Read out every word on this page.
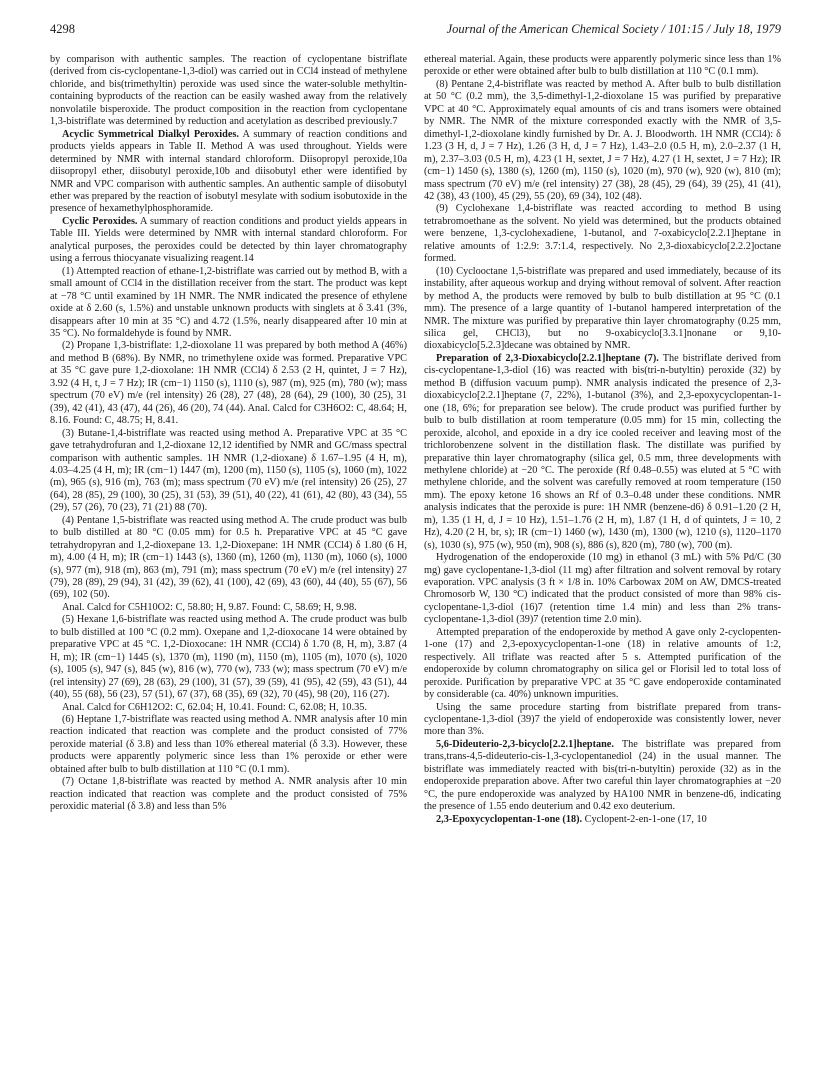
4298	Journal of the American Chemical Society / 101:15 / July 18, 1979

by comparison with authentic samples. The reaction of cyclopentane bistriflate (derived from cis-cyclopentane-1,3-diol) was carried out in CCl4 instead of methylene chloride, and bis(trimethyltin) peroxide was used since the water-soluble methyltin-containing byproducts of the reaction can be easily washed away from the relatively nonvolatile bisperoxide. The product composition in the reaction from cyclopentane 1,3-bistriflate was determined by reduction and acetylation as described previously.7

Acyclic Symmetrical Dialkyl Peroxides. A summary of reaction conditions and products yields appears in Table II. Method A was used throughout. Yields were determined by NMR with internal standard chloroform. Diisopropyl peroxide,10a diisopropyl ether, diisobutyl peroxide,10b and diisobutyl ether were identified by NMR and VPC comparison with authentic samples. An authentic sample of diisobutyl ether was prepared by the reaction of isobutyl mesylate with sodium isobutoxide in the presence of hexamethylphosphoramide.

Cyclic Peroxides. A summary of reaction conditions and product yields appears in Table III. Yields were determined by NMR with internal standard chloroform. For analytical purposes, the peroxides could be detected by thin layer chromatography using a ferrous thiocyanate visualizing reagent.14

(1) Attempted reaction of ethane-1,2-bistriflate was carried out by method B, with a small amount of CCl4 in the distillation receiver from the start. The product was kept at −78 °C until examined by 1H NMR. The NMR indicated the presence of ethylene oxide at δ 2.60 (s, 1.5%) and unstable unknown products with singlets at δ 3.41 (3%, disappears after 10 min at 35 °C) and 4.72 (1.5%, nearly disappeared after 10 min at 35 °C). No formaldehyde is found by NMR.

(2) Propane 1,3-bistriflate: 1,2-dioxolane 11 was prepared by both method A (46%) and method B (68%). By NMR, no trimethylene oxide was formed. Preparative VPC at 35 °C gave pure 1,2-dioxolane: 1H NMR (CCl4) δ 2.53 (2 H, quintet, J = 7 Hz), 3.92 (4 H, t, J = 7 Hz); IR (cm−1) 1150 (s), 1110 (s), 987 (m), 925 (m), 780 (w); mass spectrum (70 eV) m/e (rel intensity) 26 (28), 27 (48), 28 (64), 29 (100), 30 (25), 31 (39), 42 (41), 43 (47), 44 (26), 46 (20), 74 (44). Anal. Calcd for C3H6O2: C, 48.64; H, 8.16. Found: C, 48.75; H, 8.41.

(3) Butane-1,4-bistriflate was reacted using method A. Preparative VPC at 35 °C gave tetrahydrofuran and 1,2-dioxane 12,12 identified by NMR and GC/mass spectral comparison with authentic samples. 1H NMR (1,2-dioxane) δ 1.67–1.95 (4 H, m), 4.03–4.25 (4 H, m); IR (cm−1) 1447 (m), 1200 (m), 1150 (s), 1105 (s), 1060 (m), 1022 (m), 965 (s), 916 (m), 763 (m); mass spectrum (70 eV) m/e (rel intensity) 26 (25), 27 (64), 28 (85), 29 (100), 30 (25), 31 (53), 39 (51), 40 (22), 41 (61), 42 (80), 43 (34), 55 (29), 57 (26), 70 (23), 71 (21) 88 (70).

(4) Pentane 1,5-bistriflate was reacted using method A. The crude product was bulb to bulb distilled at 80 °C (0.05 mm) for 0.5 h. Preparative VPC at 45 °C gave tetrahydropyran and 1,2-dioxepane 13. 1,2-Dioxepane: 1H NMR (CCl4) δ 1.80 (6 H, m), 4.00 (4 H, m); IR (cm−1) 1443 (s), 1360 (m), 1260 (m), 1130 (m), 1060 (s), 1000 (s), 977 (m), 918 (m), 863 (m), 791 (m); mass spectrum (70 eV) m/e (rel intensity) 27 (79), 28 (89), 29 (94), 31 (42), 39 (62), 41 (100), 42 (69), 43 (60), 44 (40), 55 (67), 56 (69), 102 (50).

Anal. Calcd for C5H10O2: C, 58.80; H, 9.87. Found: C, 58.69; H, 9.98.

(5) Hexane 1,6-bistriflate was reacted using method A. The crude product was bulb to bulb distilled at 100 °C (0.2 mm). Oxepane and 1,2-dioxocane 14 were obtained by preparative VPC at 45 °C. 1,2-Dioxocane: 1H NMR (CCl4) δ 1.70 (8, H, m), 3.87 (4 H, m); IR (cm−1) 1445 (s), 1370 (m), 1190 (m), 1150 (m), 1105 (m), 1070 (s), 1020 (s), 1005 (s), 947 (s), 845 (w), 816 (w), 770 (w), 733 (w); mass spectrum (70 eV) m/e (rel intensity) 27 (69), 28 (63), 29 (100), 31 (57), 39 (59), 41 (95), 42 (59), 43 (51), 44 (40), 55 (68), 56 (23), 57 (51), 67 (37), 68 (35), 69 (32), 70 (45), 98 (20), 116 (27).

Anal. Calcd for C6H12O2: C, 62.04; H, 10.41. Found: C, 62.08; H, 10.35.

(6) Heptane 1,7-bistriflate was reacted using method A. NMR analysis after 10 min reaction indicated that reaction was complete and the product consisted of 77% peroxide material (δ 3.8) and less than 10% ethereal material (δ 3.3). However, these products were apparently polymeric since less than 1% peroxide or ether were obtained after bulb to bulb distillation at 110 °C (0.1 mm).

(7) Octane 1,8-bistriflate was reacted by method A. NMR analysis after 10 min reaction indicated that reaction was complete and the product consisted of 75% peroxidic material (δ 3.8) and less than 5%

ethereal material. Again, these products were apparently polymeric since less than 1% peroxide or ether were obtained after bulb to bulb distillation at 110 °C (0.1 mm).

(8) Pentane 2,4-bistriflate was reacted by method A. After bulb to bulb distillation at 50 °C (0.2 mm), the 3,5-dimethyl-1,2-dioxolane 15 was purified by preparative VPC at 40 °C. Approximately equal amounts of cis and trans isomers were obtained by NMR. The NMR of the mixture corresponded exactly with the NMR of 3,5-dimethyl-1,2-dioxolane kindly furnished by Dr. A. J. Bloodworth. 1H NMR (CCl4): δ 1.23 (3 H, d, J = 7 Hz), 1.26 (3 H, d, J = 7 Hz), 1.43–2.0 (0.5 H, m), 2.0–2.37 (1 H, m), 2.37–3.03 (0.5 H, m), 4.23 (1 H, sextet, J = 7 Hz), 4.27 (1 H, sextet, J = 7 Hz); IR (cm−1) 1450 (s), 1380 (s), 1260 (m), 1150 (s), 1020 (m), 970 (w), 920 (w), 810 (m); mass spectrum (70 eV) m/e (rel intensity) 27 (38), 28 (45), 29 (64), 39 (25), 41 (41), 42 (38), 43 (100), 45 (29), 55 (20), 69 (34), 102 (48).

(9) Cyclohexane 1,4-bistriflate was reacted according to method B using tetrabromoethane as the solvent. No yield was determined, but the products obtained were benzene, 1,3-cyclohexadiene, 1-butanol, and 7-oxabicyclo[2.2.1]heptane in relative amounts of 1:2.9: 3.7:1.4, respectively. No 2,3-dioxabicyclo[2.2.2]octane formed.

(10) Cyclooctane 1,5-bistriflate was prepared and used immediately, because of its instability, after aqueous workup and drying without removal of solvent. After reaction by method A, the products were removed by bulb to bulb distillation at 95 °C (0.1 mm). The presence of a large quantity of 1-butanol hampered interpretation of the NMR. The mixture was purified by preparative thin layer chromatography (0.25 mm, silica gel, CHCl3), but no 9-oxabicyclo[3.3.1]nonane or 9,10-dioxabicyclo[5.2.3]decane was obtained by NMR.

Preparation of 2,3-Dioxabicyclo[2.2.1]heptane (7). The bistriflate derived from cis-cyclopentane-1,3-diol (16) was reacted with bis(tri-n-butyltin) peroxide (32) by method B (diffusion vacuum pump). NMR analysis indicated the presence of 2,3-dioxabicyclo[2.2.1]heptane (7, 22%), 1-butanol (3%), and 2,3-epoxycyclopentan-1-one (18, 6%; for preparation see below). The crude product was purified further by bulb to bulb distillation at room temperature (0.05 mm) for 15 min, collecting the peroxide, alcohol, and epoxide in a dry ice cooled receiver and leaving most of the trichlorobenzene solvent in the distillation flask. The distillate was purified by preparative thin layer chromatography (silica gel, 0.5 mm, three developments with methylene chloride) at −20 °C. The peroxide (Rf 0.48–0.55) was eluted at 5 °C with methylene chloride, and the solvent was carefully removed at room temperature (150 mm). The epoxy ketone 16 shows an Rf of 0.3–0.48 under these conditions. NMR analysis indicates that the peroxide is pure: 1H NMR (benzene-d6) δ 0.91–1.20 (2 H, m), 1.35 (1 H, d, J = 10 Hz), 1.51–1.76 (2 H, m), 1.87 (1 H, d of quintets, J = 10, 2 Hz), 4.20 (2 H, br, s); IR (cm−1) 1460 (w), 1430 (m), 1300 (w), 1210 (s), 1120–1170 (s), 1030 (s), 975 (w), 950 (m), 908 (s), 886 (s), 820 (m), 780 (w), 700 (m).

Hydrogenation of the endoperoxide (10 mg) in ethanol (3 mL) with 5% Pd/C (30 mg) gave cyclopentane-1,3-diol (11 mg) after filtration and solvent removal by rotary evaporation. VPC analysis (3 ft × 1/8 in. 10% Carbowax 20M on AW, DMCS-treated Chromosorb W, 130 °C) indicated that the product consisted of more than 98% cis-cyclopentane-1,3-diol (16)7 (retention time 1.4 min) and less than 2% trans-cyclopentane-1,3-diol (39)7 (retention time 2.0 min).

Attempted preparation of the endoperoxide by method A gave only 2-cyclopenten-1-one (17) and 2,3-epoxycyclopentan-1-one (18) in relative amounts of 1:2, respectively. All triflate was reacted after 5 s. Attempted purification of the endoperoxide by column chromatography on silica gel or Florisil led to total loss of peroxide. Purification by preparative VPC at 35 °C gave endoperoxide contaminated by considerable (ca. 40%) unknown impurities.

Using the same procedure starting from bistriflate prepared from trans-cyclopentane-1,3-diol (39)7 the yield of endoperoxide was consistently lower, never more than 3%.

5,6-Dideuterio-2,3-bicyclo[2.2.1]heptane. The bistriflate was prepared from trans,trans-4,5-dideuterio-cis-1,3-cyclopentanediol (24) in the usual manner. The bistriflate was immediately reacted with bis(tri-n-butyltin) peroxide (32) as in the endoperoxide preparation above. After two careful thin layer chromatographies at −20 °C, the pure endoperoxide was analyzed by HA100 NMR in benzene-d6, indicating the presence of 1.55 endo deuterium and 0.42 exo deuterium.

2,3-Epoxycyclopentan-1-one (18). Cyclopent-2-en-1-one (17, 10
